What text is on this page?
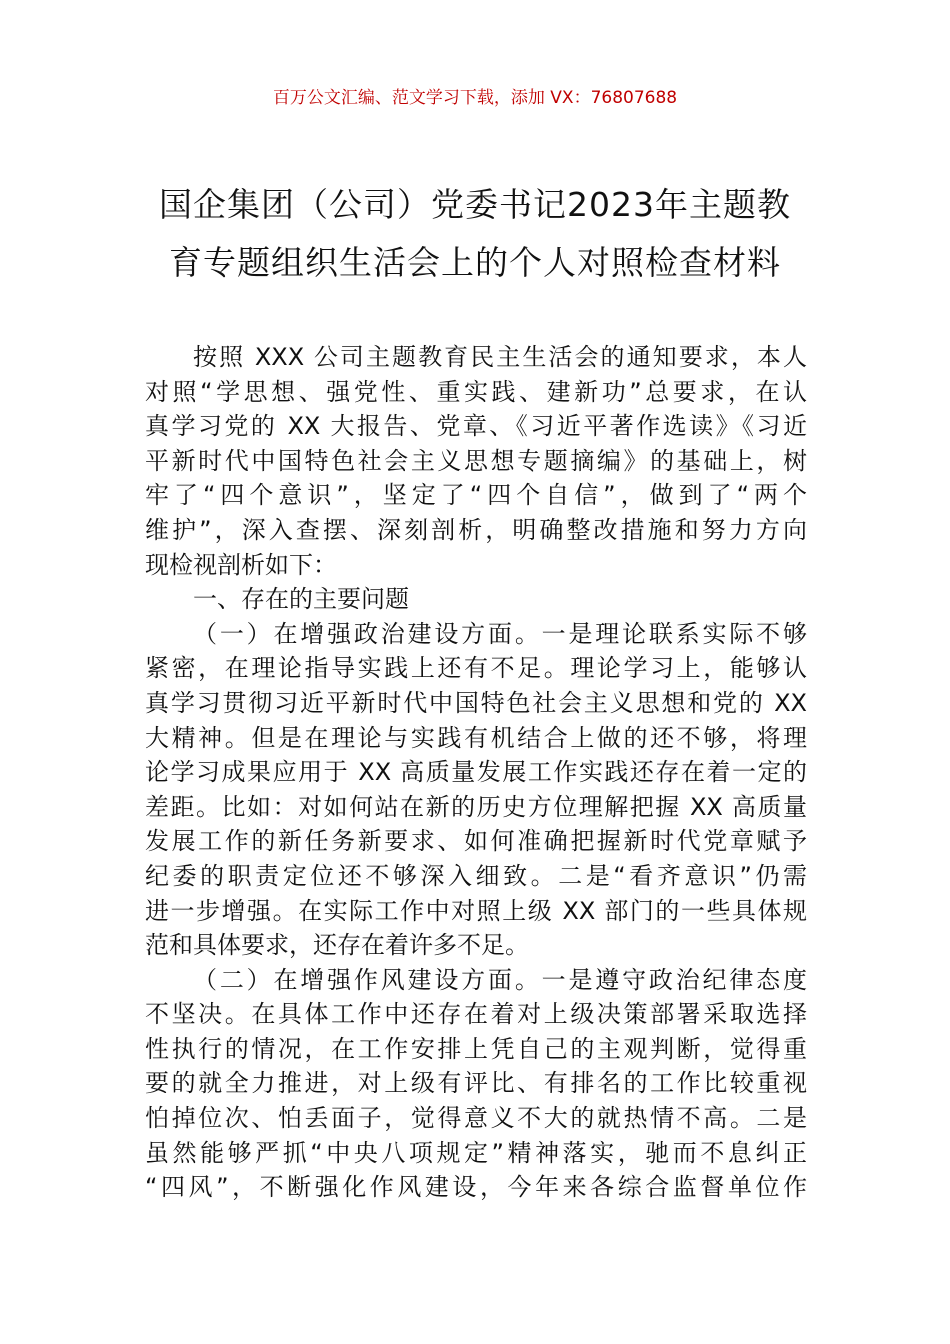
百万公文汇编、范文学习下载，添加 VX：76807688
国企集团（公司）党委书记2023年主题教
育专题组织生活会上的个人对照检查材料
按照 XXX 公司主题教育民主生活会的通知要求，本人
对照“学思想、强党性、重实践、建新功”总要求，在认
真学习党的 XX 大报告、党章、《习近平著作选读》《习近
平新时代中国特色社会主义思想专题摘编》的基础上，树
牢了“四个意识”，坚定了“四个自信”，做到了“两个
维护”，深入查摆、深刻剖析，明确整改措施和努力方向
现检视剖析如下：
一、存在的主要问题
（一）在增强政治建设方面。一是理论联系实际不够
紧密，在理论指导实践上还有不足。理论学习上，能够认
真学习贯彻习近平新时代中国特色社会主义思想和党的 XX
大精神。但是在理论与实践有机结合上做的还不够，将理
论学习成果应用于 XX 高质量发展工作实践还存在着一定的
差距。比如：对如何站在新的历史方位理解把握 XX 高质量
发展工作的新任务新要求、如何准确把握新时代党章赋予
纪委的职责定位还不够深入细致。二是“看齐意识”仍需
进一步增强。在实际工作中对照上级 XX 部门的一些具体规
范和具体要求，还存在着许多不足。
（二）在增强作风建设方面。一是遵守政治纪律态度
不坚决。在具体工作中还存在着对上级决策部署采取选择
性执行的情况，在工作安排上凭自己的主观判断，觉得重
要的就全力推进，对上级有评比、有排名的工作比较重视
怕掉位次、怕丢面子，觉得意义不大的就热情不高。二是
虽然能够严抓“中央八项规定”精神落实，驰而不息纠正
“四风”，不断强化作风建设，今年来各综合监督单位作
